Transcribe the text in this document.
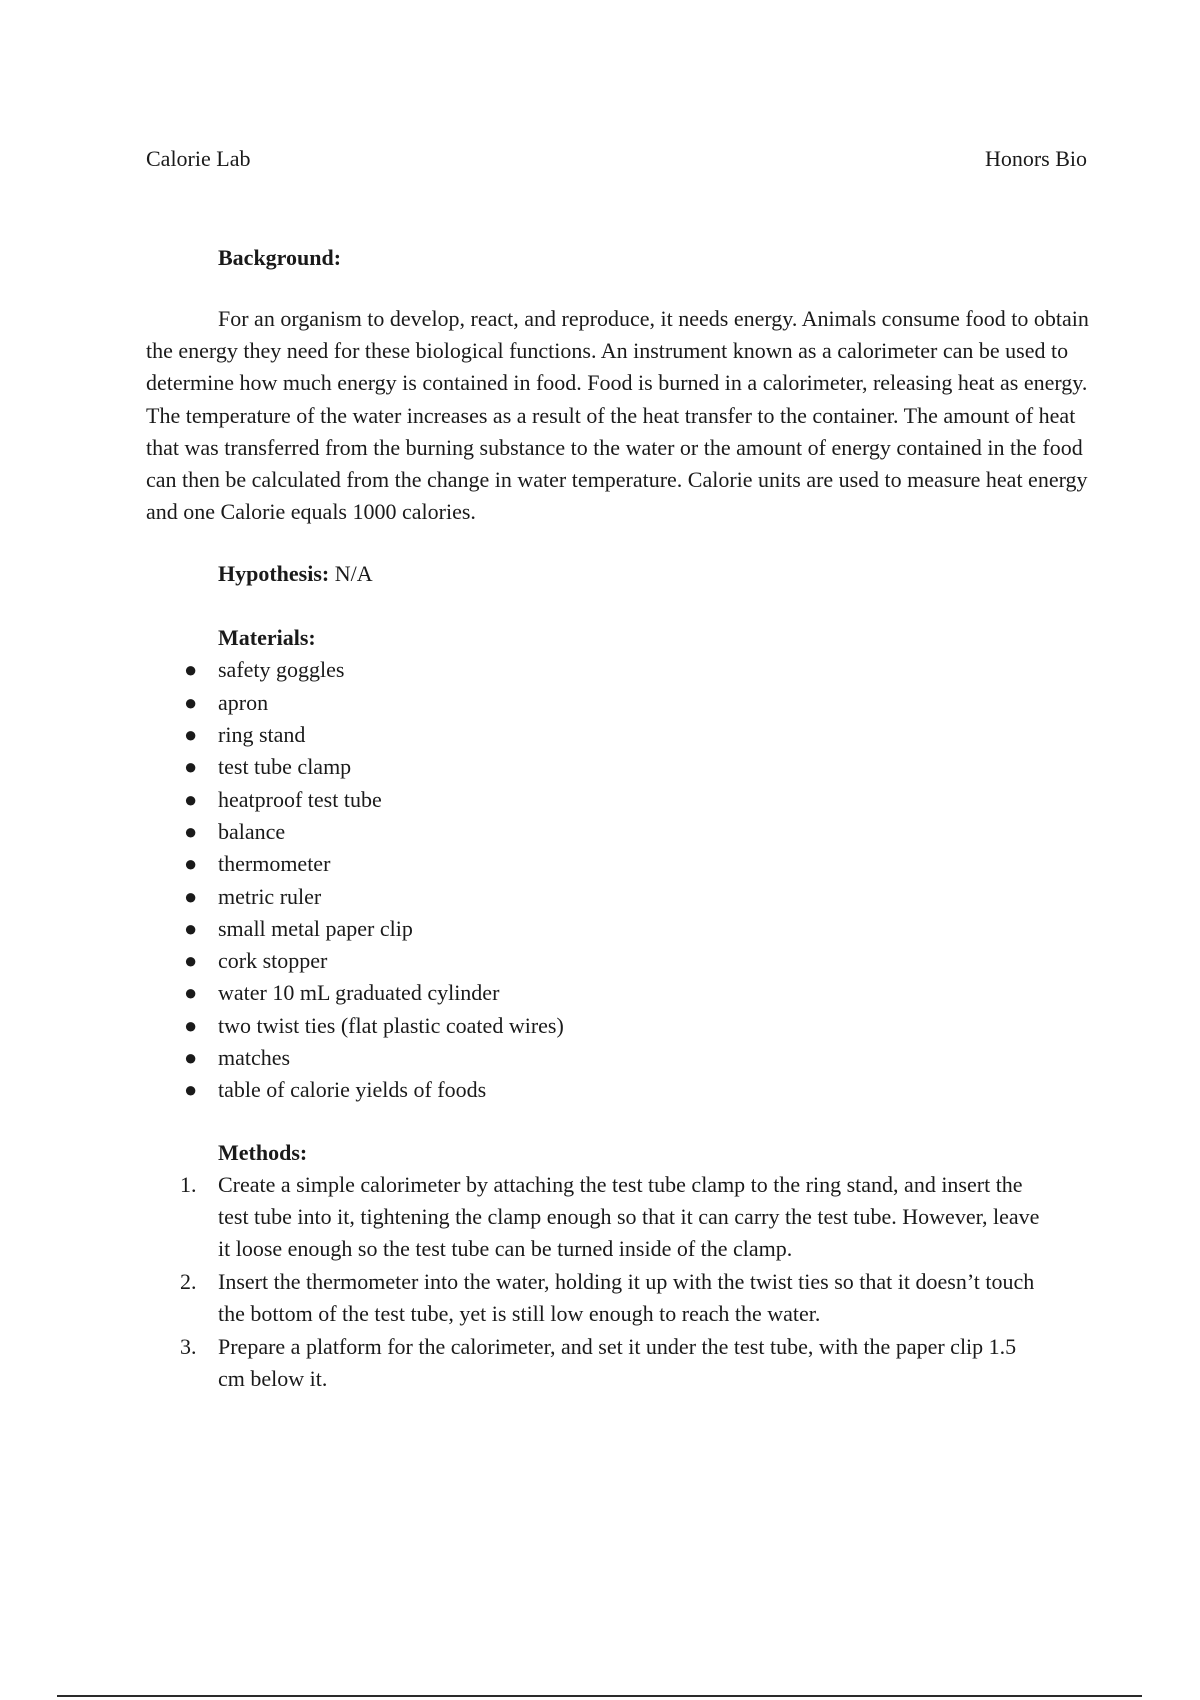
Calorie Lab	Honors Bio

Background:

For an organism to develop, react, and reproduce, it needs energy. Animals consume food to obtain the energy they need for these biological functions. An instrument known as a calorimeter can be used to determine how much energy is contained in food. Food is burned in a calorimeter, releasing heat as energy. The temperature of the water increases as a result of the heat transfer to the container. The amount of heat that was transferred from the burning substance to the water or the amount of energy contained in the food can then be calculated from the change in water temperature. Calorie units are used to measure heat energy and one Calorie equals 1000 calories.

Hypothesis: N/A

Materials:

● safety goggles
● apron
● ring stand
● test tube clamp
● heatproof test tube
● balance
● thermometer
● metric ruler
● small metal paper clip
● cork stopper
● water 10 mL graduated cylinder
● two twist ties (flat plastic coated wires)
● matches
● table of calorie yields of foods

Methods:

1. Create a simple calorimeter by attaching the test tube clamp to the ring stand, and insert the test tube into it, tightening the clamp enough so that it can carry the test tube. However, leave it loose enough so the test tube can be turned inside of the clamp.
2. Insert the thermometer into the water, holding it up with the twist ties so that it doesn’t touch the bottom of the test tube, yet is still low enough to reach the water.
3. Prepare a platform for the calorimeter, and set it under the test tube, with the paper clip 1.5 cm below it.
